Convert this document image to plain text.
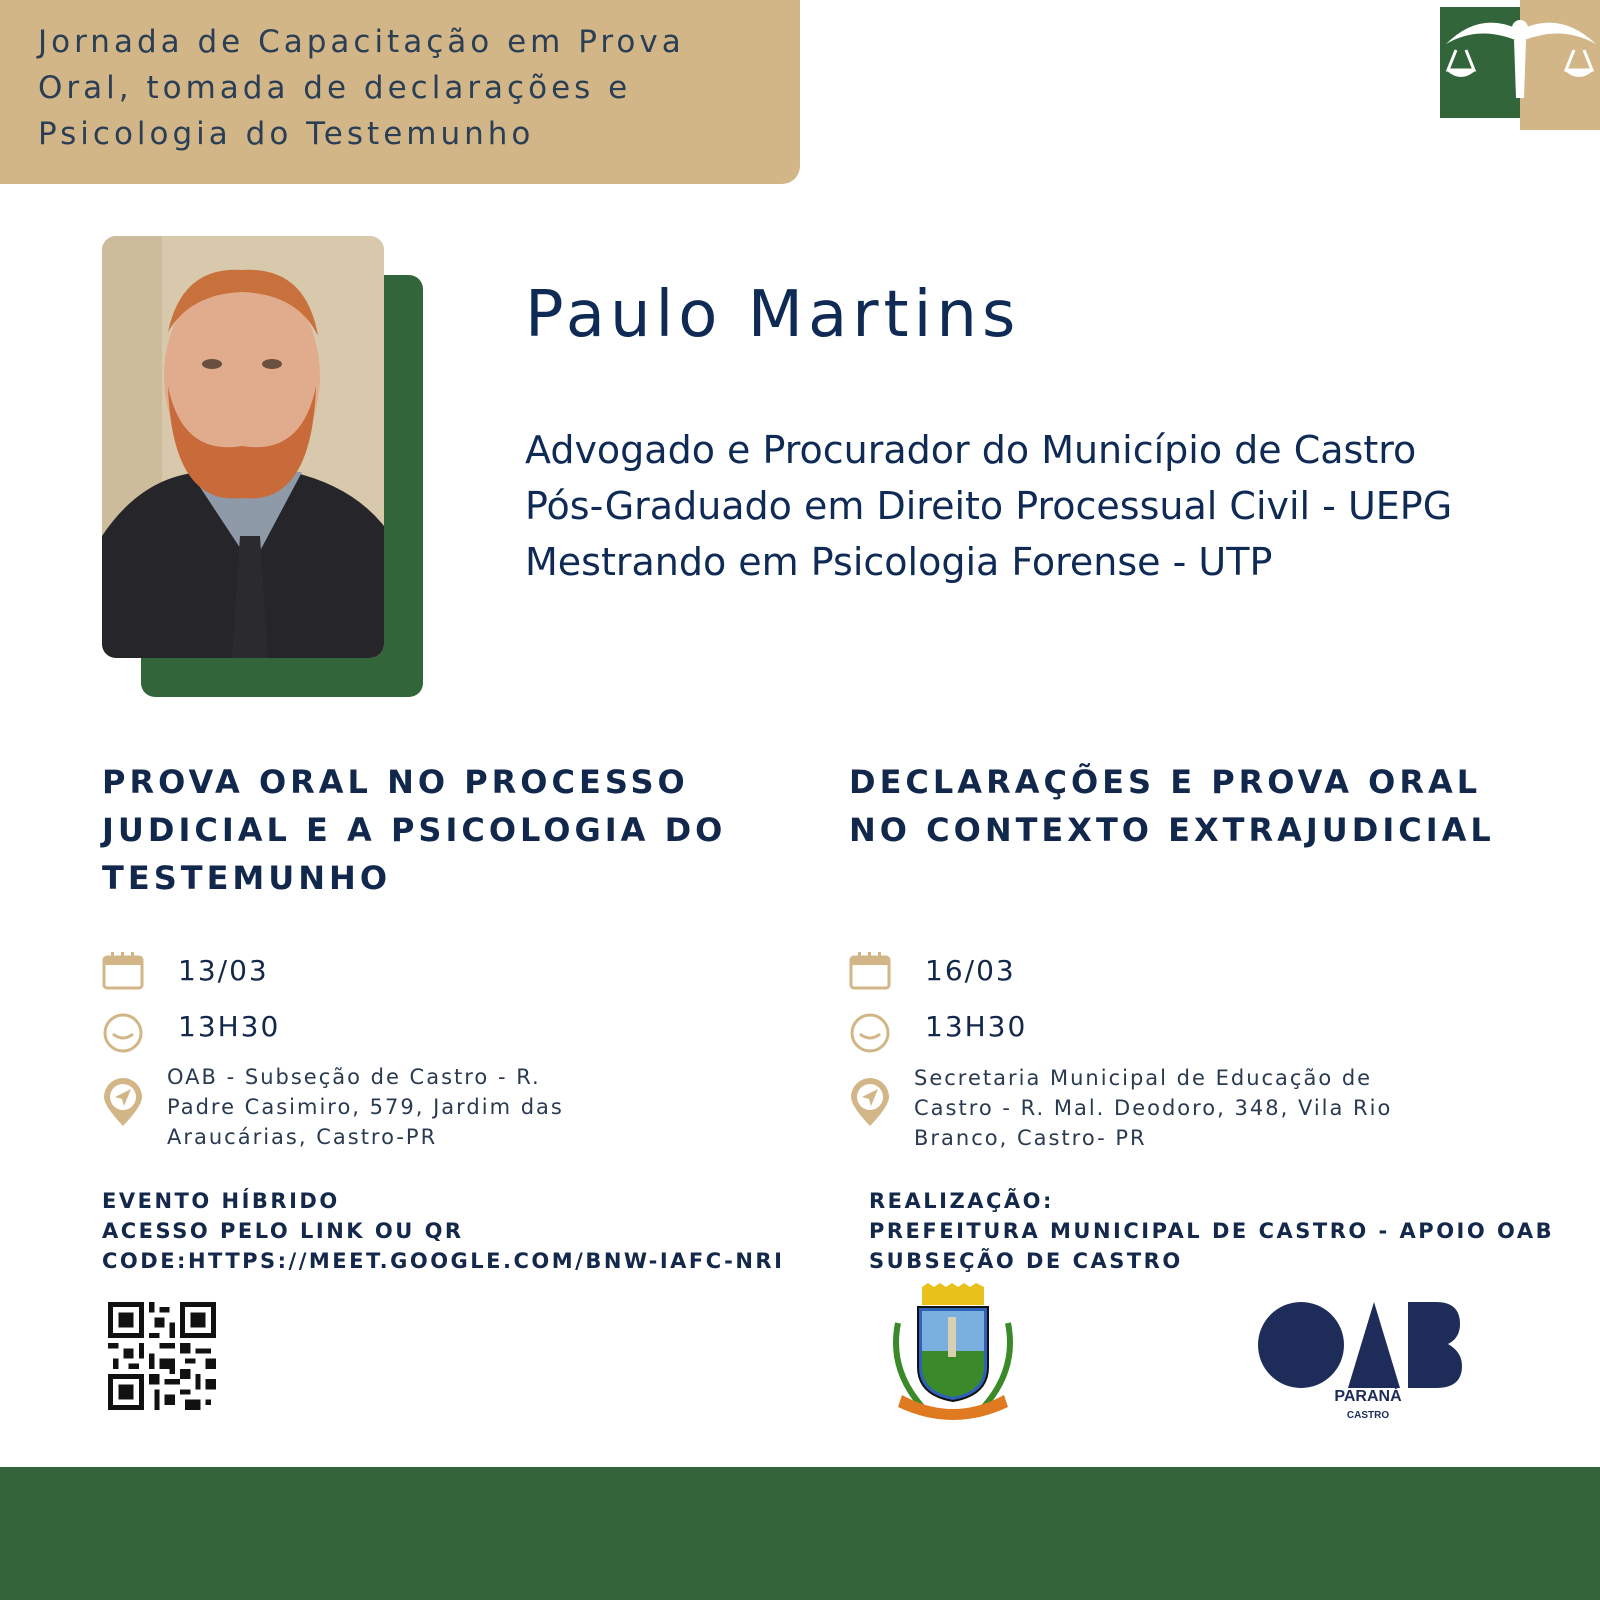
Jornada de Capacitação em Prova
Oral, tomada de declarações e
Psicologia do Testemunho
Paulo Martins

Advogado e Procurador do Município de Castro

Pós-Graduado em Direito Processual Civil - UEPG

Mestrando em Psicologia Forense - UTP

PROVA ORAL NO PROCESSO
JUDICIAL E A PSICOLOGIA DO
TESTEMUNHO

13/03

13H30

OAB - Subseção de Castro - R.

Padre Casimiro, 579, Jardim das

Araucárias, Castro-PR

DECLARAÇÕES E PROVA ORAL
NO CONTEXTO EXTRAJUDICIAL

16/03

13H30

Secretaria Municipal de Educação de

Castro - R. Mal. Deodoro, 348, Vila Rio

Branco, Castro- PR

EVENTO HÍBRIDO

ACESSO PELO LINK OU QR

CODE:HTTPS://MEET.GOOGLE.COM/BNW-IAFC-NRI

REALIZAÇÃO:

PREFEITURA MUNICIPAL DE CASTRO - APOIO OAB

SUBSEÇÃO DE CASTRO

PARANÁ

CASTRO
